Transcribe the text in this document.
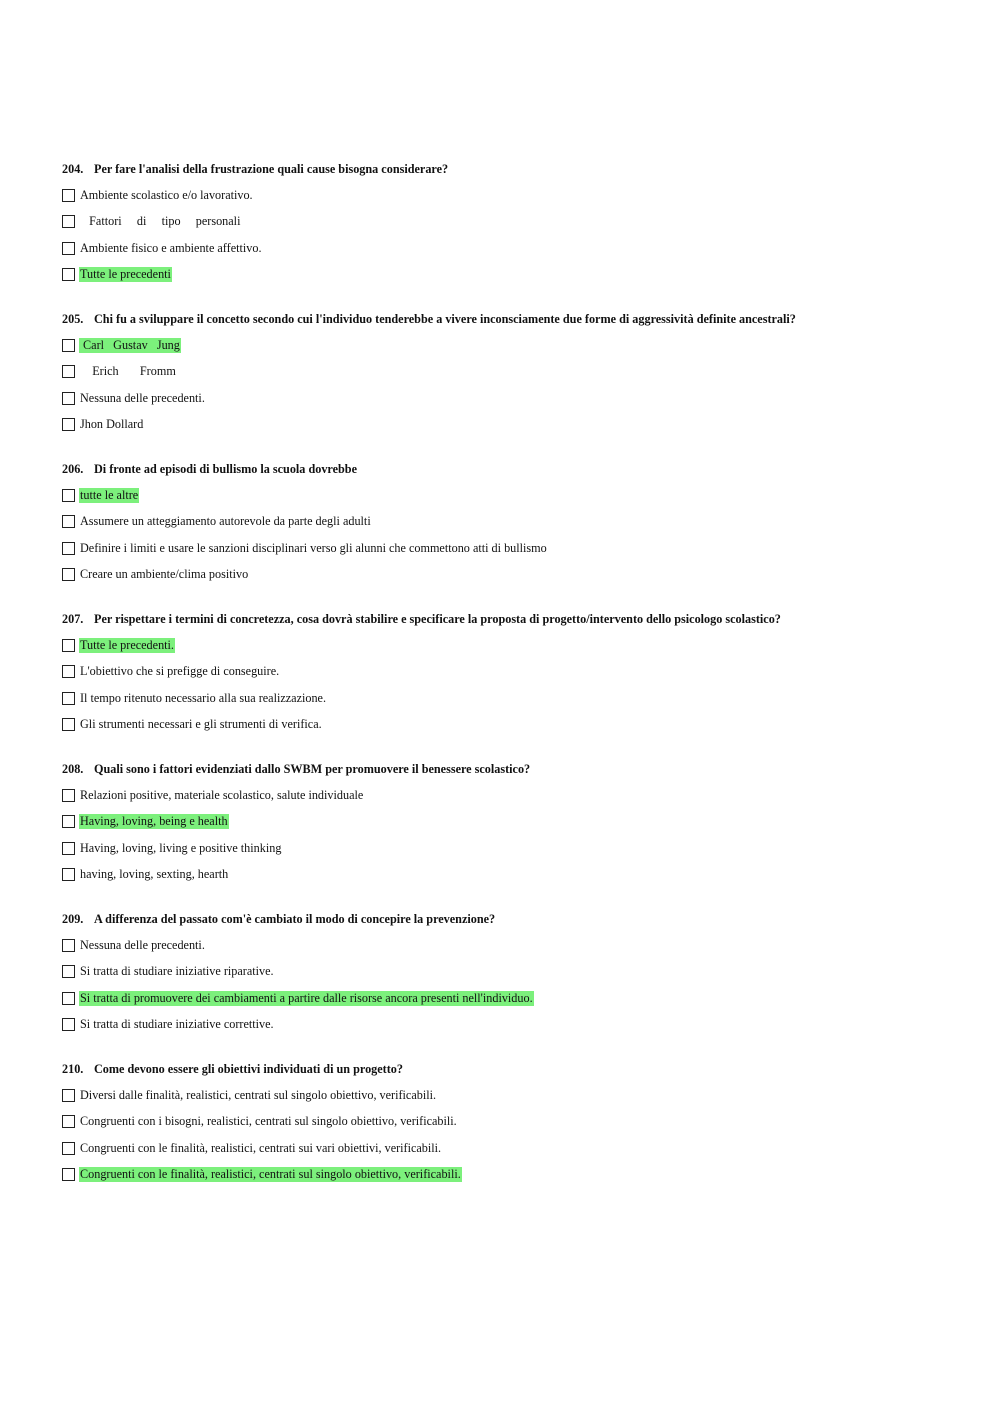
204. Per fare l'analisi della frustrazione quali cause bisogna considerare?
Ambiente scolastico e/o lavorativo.
Fattori     di     tipo     personali
Ambiente fisico e ambiente affettivo.
Tutte le precedenti
205. Chi fu a sviluppare il concetto secondo cui l'individuo tenderebbe a vivere inconsciamente due forme di aggressività definite ancestrali?
Carl   Gustav   Jung
Erich       Fromm
Nessuna delle precedenti.
Jhon Dollard
206. Di fronte ad episodi di bullismo la scuola dovrebbe
tutte le altre
Assumere un atteggiamento autorevole da parte degli adulti
Definire i limiti e usare le sanzioni disciplinari verso gli alunni che commettono atti di bullismo
Creare un ambiente/clima positivo
207. Per rispettare i termini di concretezza, cosa dovrà stabilire e specificare la proposta di progetto/intervento dello psicologo scolastico?
Tutte le precedenti.
L'obiettivo che si prefigge di conseguire.
Il tempo ritenuto necessario alla sua realizzazione.
Gli strumenti necessari e gli strumenti di verifica.
208. Quali sono i fattori evidenziati dallo SWBM per promuovere il benessere scolastico?
Relazioni positive, materiale scolastico, salute individuale
Having, loving, being e health
Having, loving, living e positive thinking
having, loving, sexting, hearth
209. A differenza del passato com'è cambiato il modo di concepire la prevenzione?
Nessuna delle precedenti.
Si tratta di studiare iniziative riparative.
Si tratta di promuovere dei cambiamenti a partire dalle risorse ancora presenti nell'individuo.
Si tratta di studiare iniziative correttive.
210. Come devono essere gli obiettivi individuati di un progetto?
Diversi dalle finalità, realistici, centrati sul singolo obiettivo, verificabili.
Congruenti con i bisogni, realistici, centrati sul singolo obiettivo, verificabili.
Congruenti con le finalità, realistici, centrati sui vari obiettivi, verificabili.
Congruenti con le finalità, realistici, centrati sul singolo obiettivo, verificabili.
